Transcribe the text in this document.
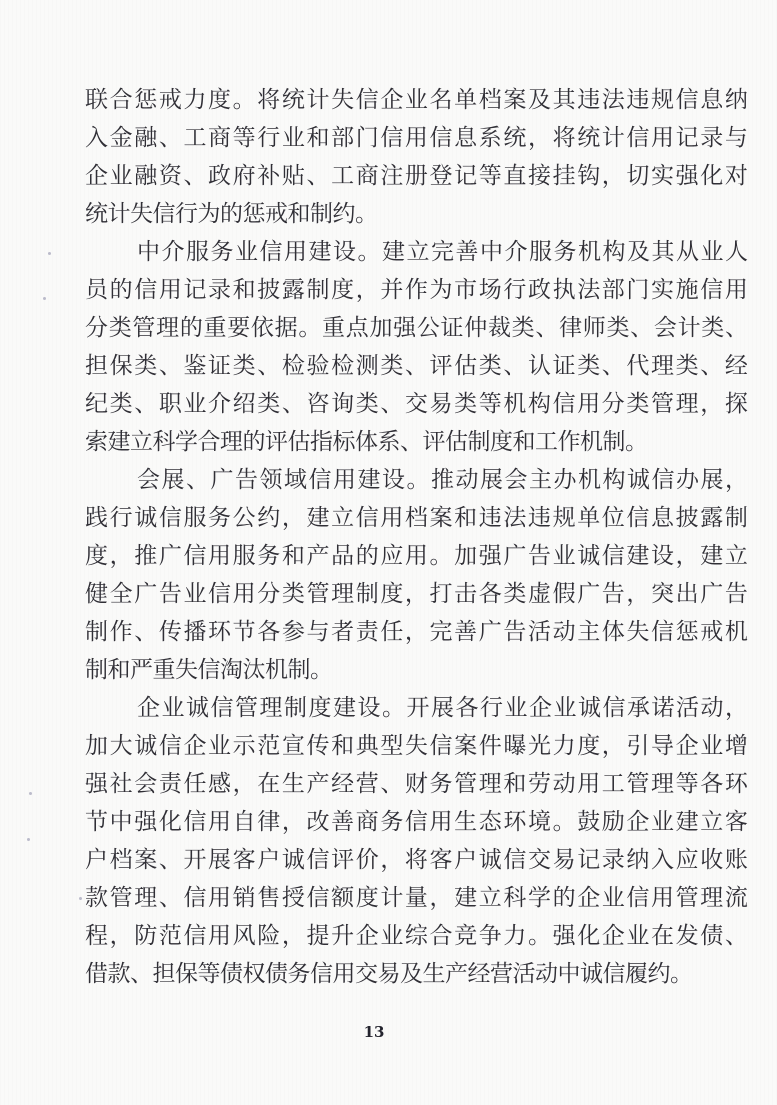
联 合 惩 戒 力 度 。 将 统 计 失 信 企 业 名 单 档 案 及 其 违 法 违 规 信 息 纳
入 金 融 、 工 商 等 行 业 和 部 门 信 用 信 息 系 统 ， 将 统 计 信 用 记 录 与
企 业 融 资 、 政 府 补 贴 、 工 商 注 册 登 记 等 直 接 挂 钩 ， 切 实 强 化 对
统计失信行为的惩戒和制约。
中 介 服 务 业 信 用 建 设 。 建 立 完 善 中 介 服 务 机 构 及 其 从 业 人
员 的 信 用 记 录 和 披 露 制 度 ， 并 作 为 市 场 行 政 执 法 部 门 实 施 信 用
分 类 管 理 的 重 要 依 据 。 重 点 加 强 公 证 仲 裁 类 、 律 师 类 、 会 计 类 、
担 保 类 、 鉴 证 类 、 检 验 检 测 类 、 评 估 类 、 认 证 类 、 代 理 类 、 经
纪 类 、 职 业 介 绍 类 、 咨 询 类 、 交 易 类 等 机 构 信 用 分 类 管 理 ， 探
索建立科学合理的评估指标体系、评估制度和工作机制。
会 展 、 广 告 领 域 信 用 建 设 。 推 动 展 会 主 办 机 构 诚 信 办 展 ，
践 行 诚 信 服 务 公 约 ， 建 立 信 用 档 案 和 违 法 违 规 单 位 信 息 披 露 制
度 ， 推 广 信 用 服 务 和 产 品 的 应 用 。 加 强 广 告 业 诚 信 建 设 ， 建 立
健 全 广 告 业 信 用 分 类 管 理 制 度 ， 打 击 各 类 虚 假 广 告 ， 突 出 广 告
制 作 、 传 播 环 节 各 参 与 者 责 任 ， 完 善 广 告 活 动 主 体 失 信 惩 戒 机
制和严重失信淘汰机制。
企 业 诚 信 管 理 制 度 建 设 。 开 展 各 行 业 企 业 诚 信 承 诺 活 动 ，
加 大 诚 信 企 业 示 范 宣 传 和 典 型 失 信 案 件 曝 光 力 度 ， 引 导 企 业 增
强 社 会 责 任 感 ， 在 生 产 经 营 、 财 务 管 理 和 劳 动 用 工 管 理 等 各 环
节 中 强 化 信 用 自 律 ， 改 善 商 务 信 用 生 态 环 境 。 鼓 励 企 业 建 立 客
户 档 案 、 开 展 客 户 诚 信 评 价 ， 将 客 户 诚 信 交 易 记 录 纳 入 应 收 账
款 管 理 、 信 用 销 售 授 信 额 度 计 量 ， 建 立 科 学 的 企 业 信 用 管 理 流
程 ， 防 范 信 用 风 险 ， 提 升 企 业 综 合 竞 争 力 。 强 化 企 业 在 发 债 、
借款、担保等债权债务信用交易及生产经营活动中诚信履约。
13
